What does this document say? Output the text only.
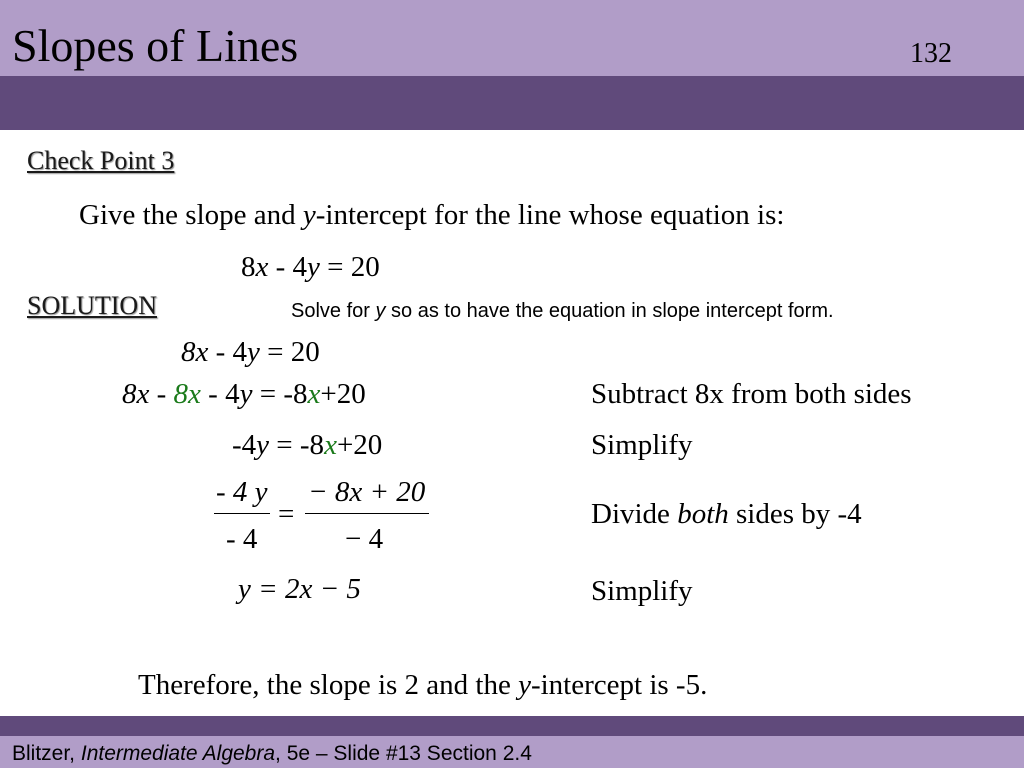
Slopes of Lines	132
Check Point 3
Give the slope and y-intercept for the line whose equation is:
8x - 4y = 20
SOLUTION	Solve for y so as to have the equation in slope intercept form.
8x - 4y = 20
8x - 8x - 4y = -8x+20	Subtract 8x from both sides
-4y = -8x+20	Simplify
- 4 y
- 4
=
− 8x + 20
− 4
Divide both sides by -4
y = 2x − 5	Simplify
Therefore, the slope is 2 and the y-intercept is -5.
Blitzer, Intermediate Algebra, 5e – Slide #13 Section 2.4
